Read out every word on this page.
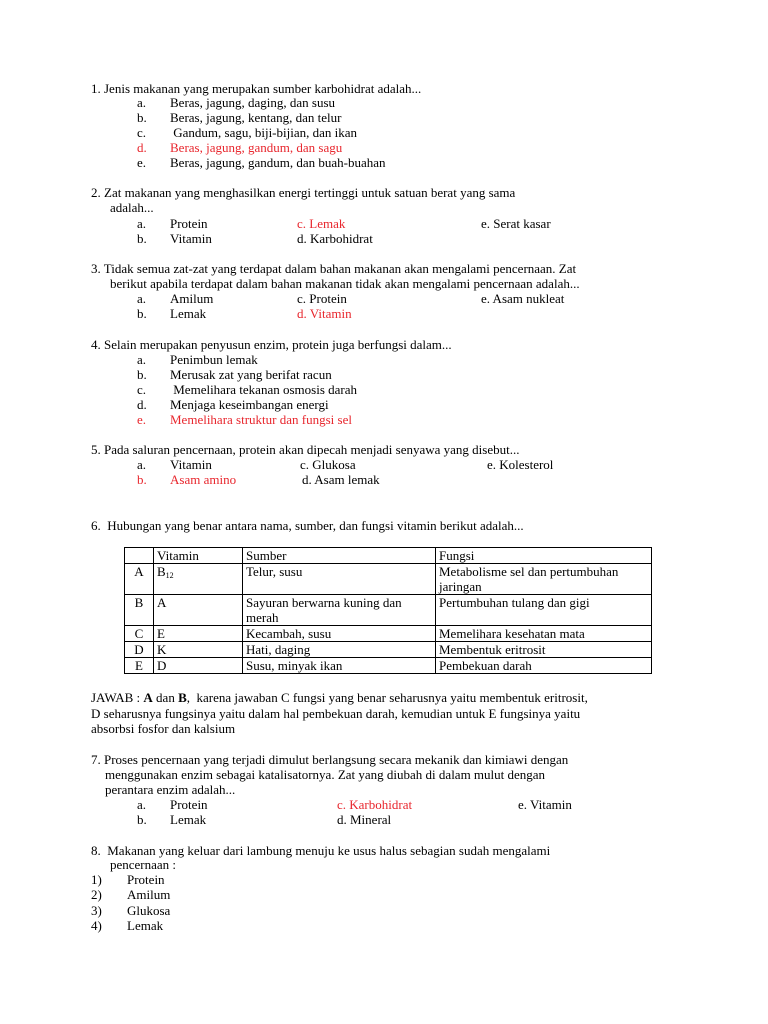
1. Jenis makanan yang merupakan sumber karbohidrat adalah...
a. Beras, jagung, daging, dan susu
b. Beras, jagung, kentang, dan telur
c. Gandum, sagu, biji-bijian, dan ikan
d. Beras, jagung, gandum, dan sagu
e. Beras, jagung, gandum, dan buah-buahan
2. Zat makanan yang menghasilkan energi tertinggi untuk satuan berat yang sama
adalah...
a. Protein
b. Vitamin
c. Lemak
d. Karbohidrat
e. Serat kasar
3. Tidak semua zat-zat yang terdapat dalam bahan makanan akan mengalami pencernaan. Zat
berikut apabila terdapat dalam bahan makanan tidak akan mengalami pencernaan adalah...
a. Amilum
b. Lemak
c. Protein
d. Vitamin
e. Asam nukleat
4. Selain merupakan penyusun enzim, protein juga berfungsi dalam...
a. Penimbun lemak
b. Merusak zat yang berifat racun
c. Memelihara tekanan osmosis darah
d. Menjaga keseimbangan energi
e. Memelihara struktur dan fungsi sel
5. Pada saluran pencernaan, protein akan dipecah menjadi senyawa yang disebut...
a. Vitamin
b. Asam amino
c. Glukosa
d. Asam lemak
e. Kolesterol
6.  Hubungan yang benar antara nama, sumber, dan fungsi vitamin berikut adalah...
	Vitamin	Sumber	Fungsi
A	$B_{12}$	Telur, susu	Metabolisme sel dan pertumbuhan jaringan
B	A	Sayuran berwarna kuning dan merah	Pertumbuhan tulang dan gigi
C	E	Kecambah, susu	Memelihara kesehatan mata
D	K	Hati, daging	Membentuk eritrosit
E	D	Susu, minyak ikan	Pembekuan darah
JAWAB : A dan B,  karena jawaban C fungsi yang benar seharusnya yaitu membentuk eritrosit,
D seharusnya fungsinya yaitu dalam hal pembekuan darah, kemudian untuk E fungsinya yaitu
absorbsi fosfor dan kalsium
7. Proses pencernaan yang terjadi dimulut berlangsung secara mekanik dan kimiawi dengan
menggunakan enzim sebagai katalisatornya. Zat yang diubah di dalam mulut dengan
perantara enzim adalah...
a. Protein
b. Lemak
c. Karbohidrat
d. Mineral
e. Vitamin
8.  Makanan yang keluar dari lambung menuju ke usus halus sebagian sudah mengalami
pencernaan :
1) Protein
2) Amilum
3) Glukosa
4) Lemak
